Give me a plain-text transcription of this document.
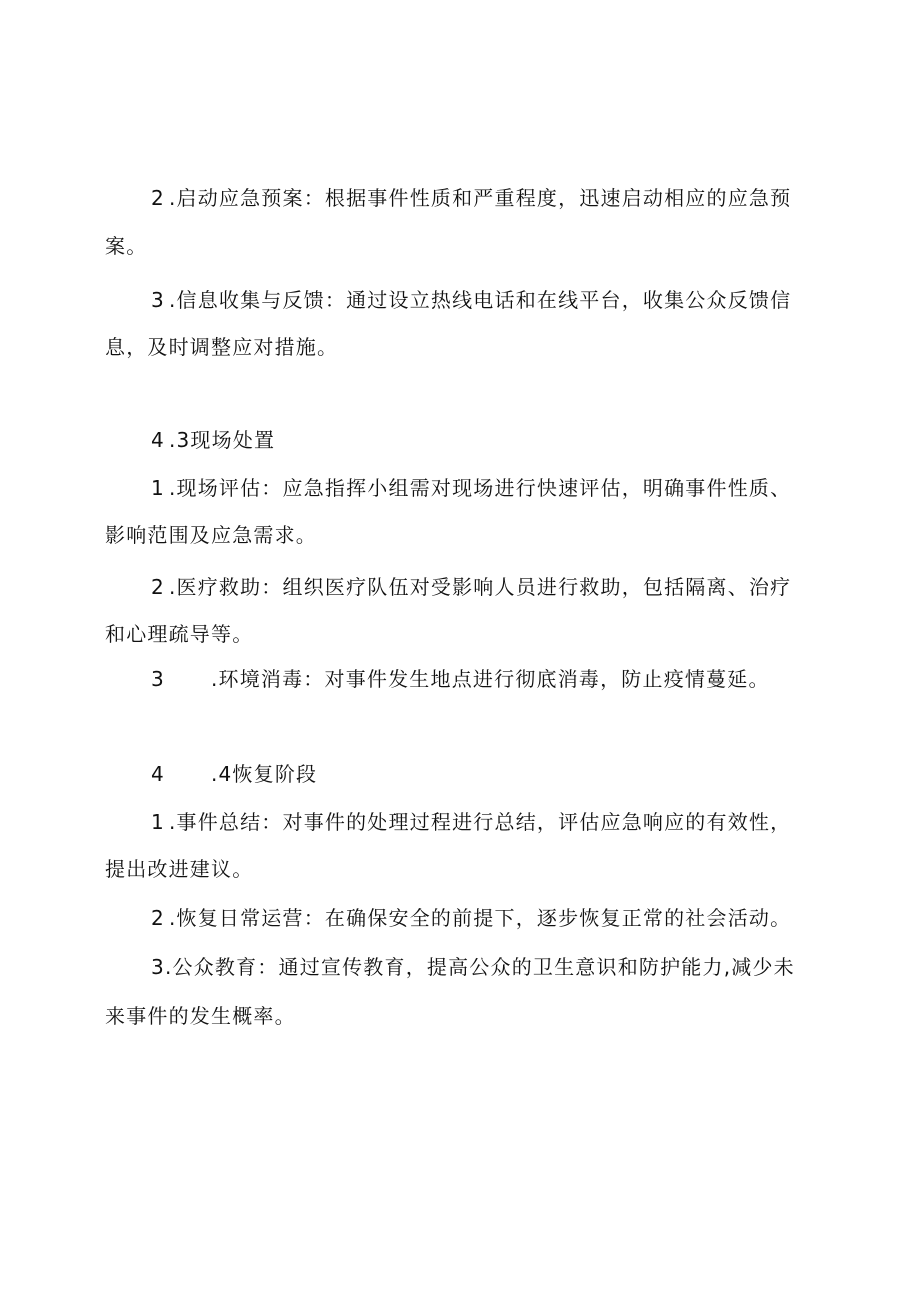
2 .启动应急预案：根据事件性质和严重程度，迅速启动相应的应急预
案。
3 .信息收集与反馈：通过设立热线电话和在线平台，收集公众反馈信
息，及时调整应对措施。
4 .3现场处置
1 .现场评估：应急指挥小组需对现场进行快速评估，明确事件性质、
影响范围及应急需求。
2 .医疗救助：组织医疗队伍对受影响人员进行救助，包括隔离、治疗
和心理疏导等。
3 .环境消毒：对事件发生地点进行彻底消毒，防止疫情蔓延。
4 .4恢复阶段
1 .事件总结：对事件的处理过程进行总结，评估应急响应的有效性，
提出改进建议。
2 .恢复日常运营：在确保安全的前提下，逐步恢复正常的社会活动。
3.公众教育：通过宣传教育，提高公众的卫生意识和防护能力,减少未
来事件的发生概率。
